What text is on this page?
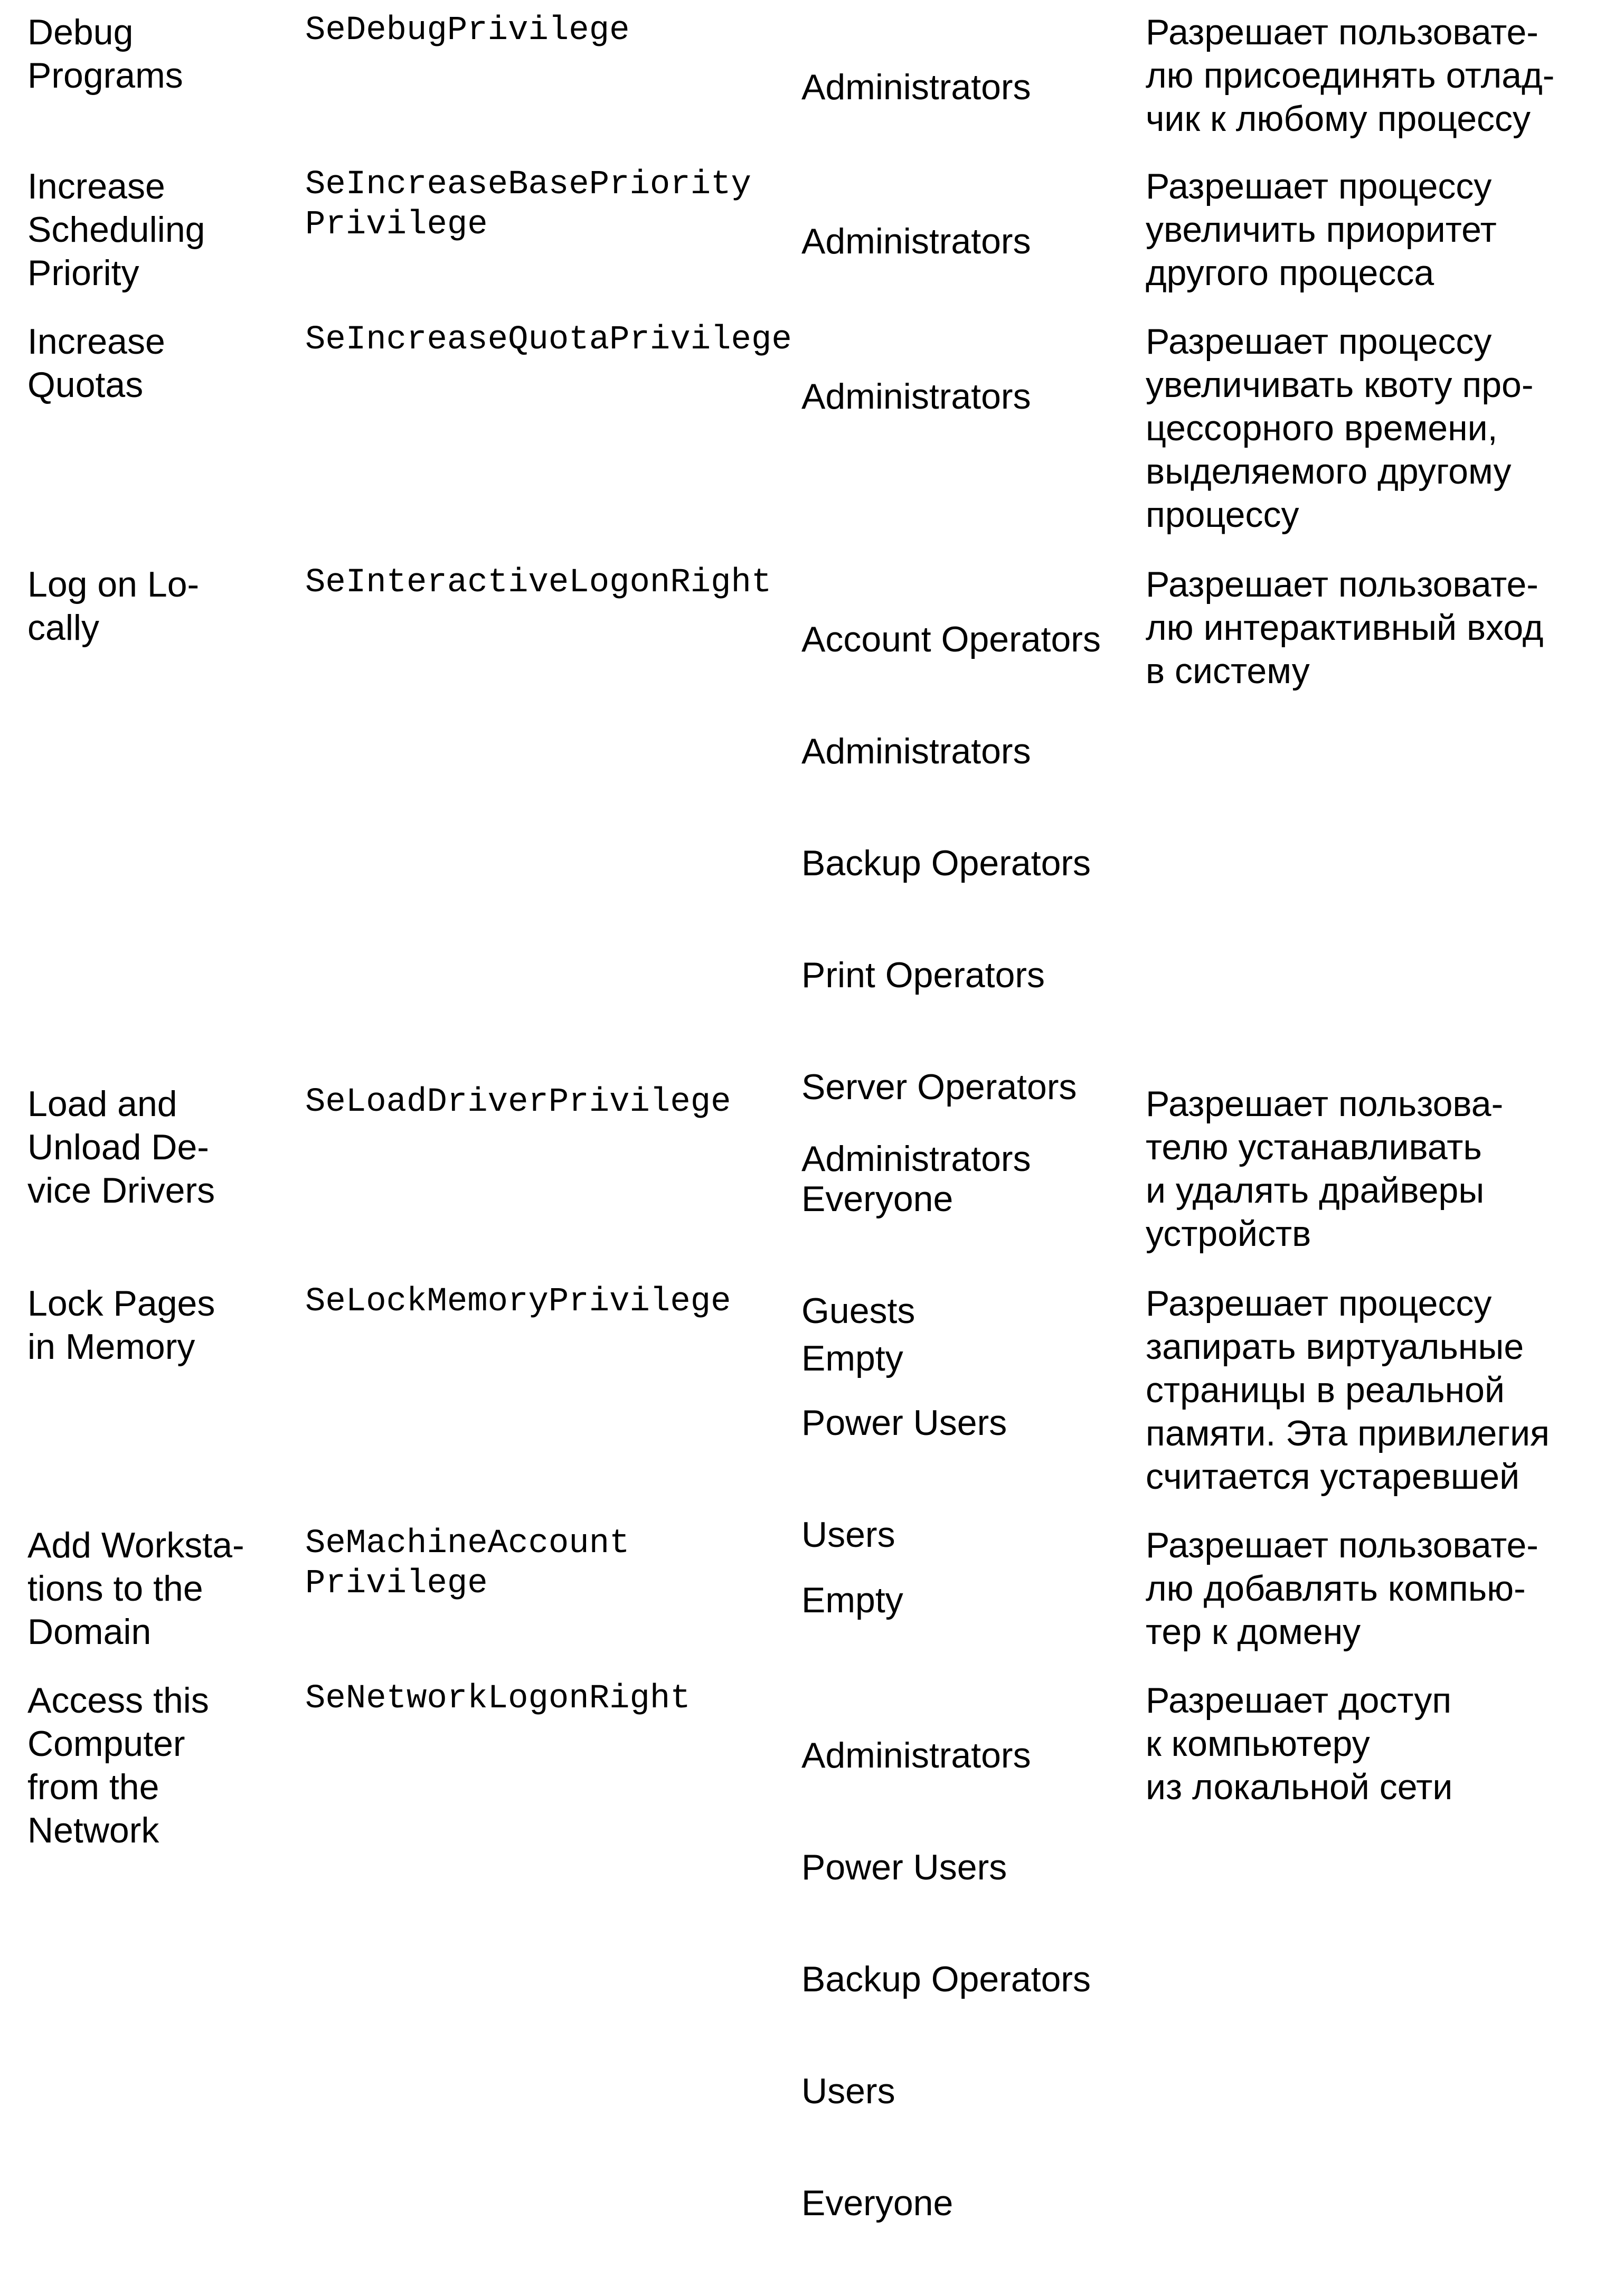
Debug
Programs
SeDebugPrivilege

Administrators

Разрешает пользовате-
лю присоединять отлад-
чик к любому процессу
Increase
Scheduling
Priority
SeIncreaseBasePriority
Privilege	Administrators

Разрешает процессу
увеличить приоритет
другого процесса
Increase
Quotas
SeIncreaseQuotaPrivilege

Administrators

Разрешает процессу
увеличивать квоту про-
цессорного времени,
выделяемого другому
процессу
Log on Lo-
cally
SeInteractiveLogonRight

Account Operators

Administrators

Backup Operators

Print Operators

Server Operators

Everyone

Guests

Power Users

Users

Разрешает пользовате-
лю интерактивный вход
в систему
Load and
Unload De-
vice Drivers
SeLoadDriverPrivilege

Administrators

Разрешает пользова-
телю устанавливать
и удалять драйверы
устройств
Lock Pages
in Memory
SeLockMemoryPrivilege

Empty

Разрешает процессу
запирать виртуальные
страницы в реальной
памяти. Эта привилегия
считается устаревшей
Add Worksta-
tions to the
Domain
SeMachineAccount
Privilege	Empty

Разрешает пользовате-
лю добавлять компью-
тер к домену
Access this
Computer
from the
Network
SeNetworkLogonRight

Administrators

Power Users

Backup Operators

Users

Everyone

Разрешает доступ
к компьютеру
из локальной сети
